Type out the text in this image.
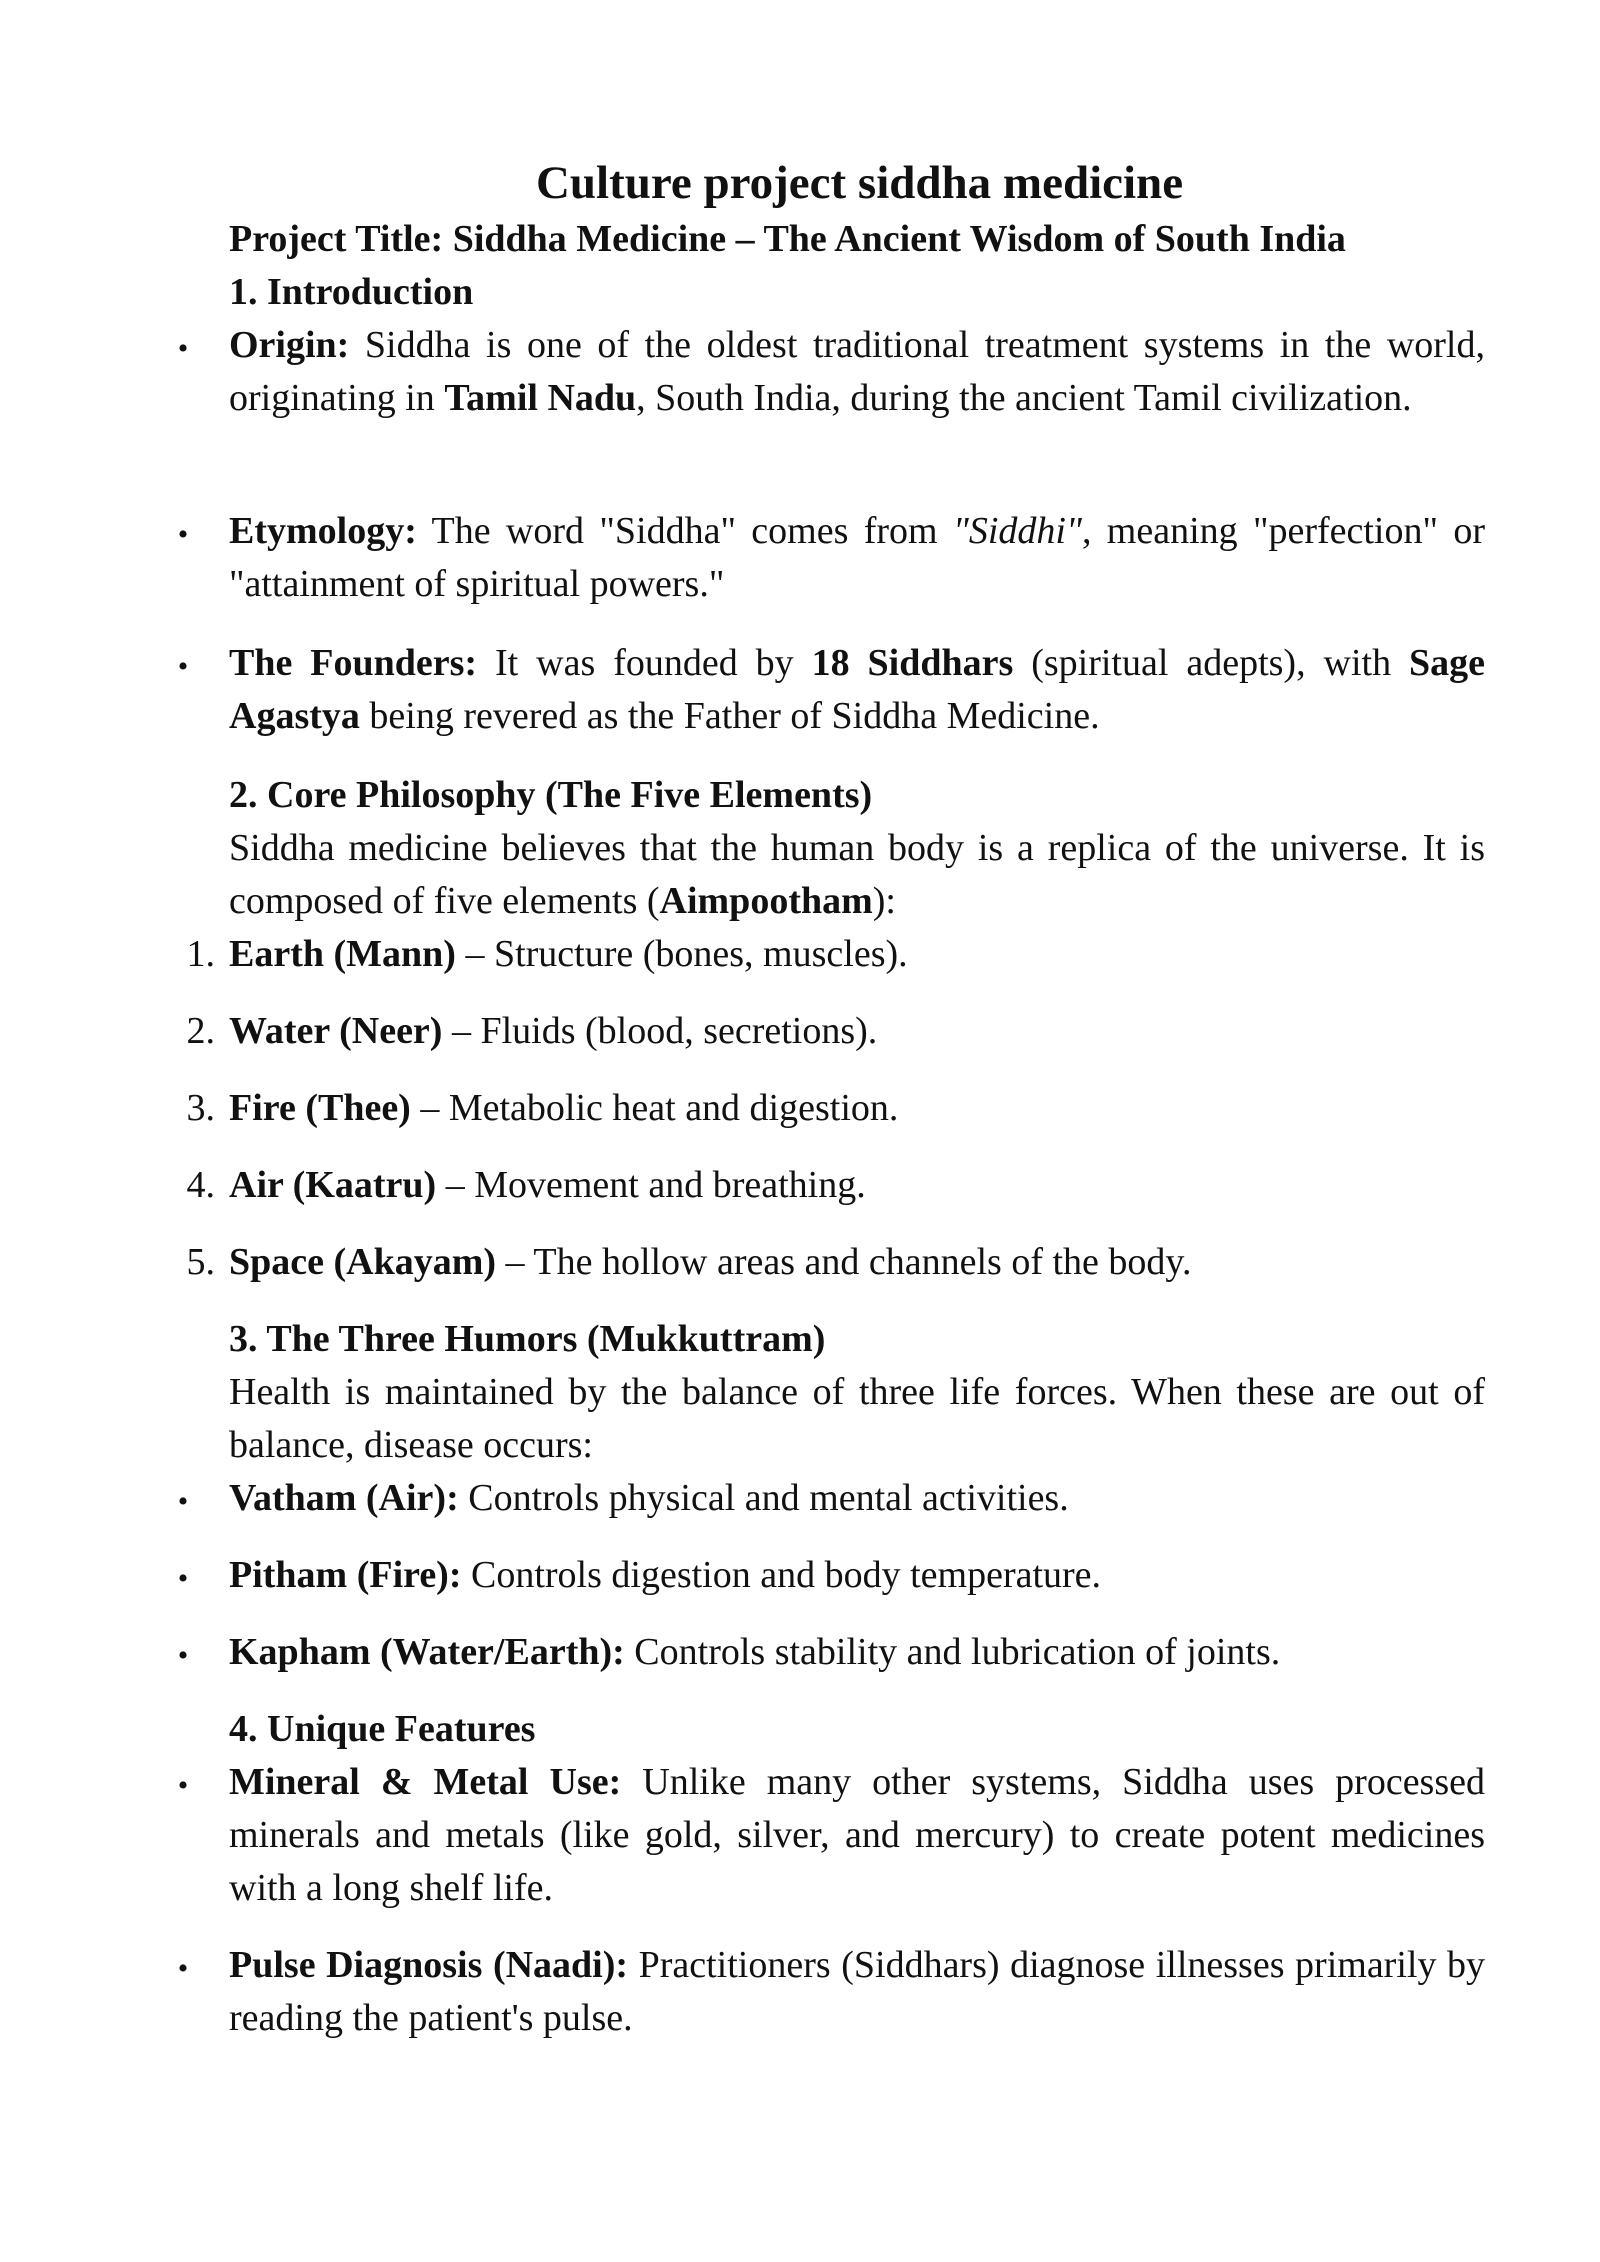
Culture project siddha medicine
Project Title: Siddha Medicine – The Ancient Wisdom of South India
1. Introduction
• Origin: Siddha is one of the oldest traditional treatment systems in the world, originating in Tamil Nadu, South India, during the ancient Tamil civilization.
• Etymology: The word "Siddha" comes from "Siddhi", meaning "perfection" or "attainment of spiritual powers."
• The Founders: It was founded by 18 Siddhars (spiritual adepts), with Sage Agastya being revered as the Father of Siddha Medicine.
2. Core Philosophy (The Five Elements)
Siddha medicine believes that the human body is a replica of the universe. It is composed of five elements (Aimpootham):
1. Earth (Mann) – Structure (bones, muscles).
2. Water (Neer) – Fluids (blood, secretions).
3. Fire (Thee) – Metabolic heat and digestion.
4. Air (Kaatru) – Movement and breathing.
5. Space (Akayam) – The hollow areas and channels of the body.
3. The Three Humors (Mukkuttram)
Health is maintained by the balance of three life forces. When these are out of balance, disease occurs:
• Vatham (Air): Controls physical and mental activities.
• Pitham (Fire): Controls digestion and body temperature.
• Kapham (Water/Earth): Controls stability and lubrication of joints.
4. Unique Features
• Mineral & Metal Use: Unlike many other systems, Siddha uses processed minerals and metals (like gold, silver, and mercury) to create potent medicines with a long shelf life.
• Pulse Diagnosis (Naadi): Practitioners (Siddhars) diagnose illnesses primarily by reading the patient's pulse.
